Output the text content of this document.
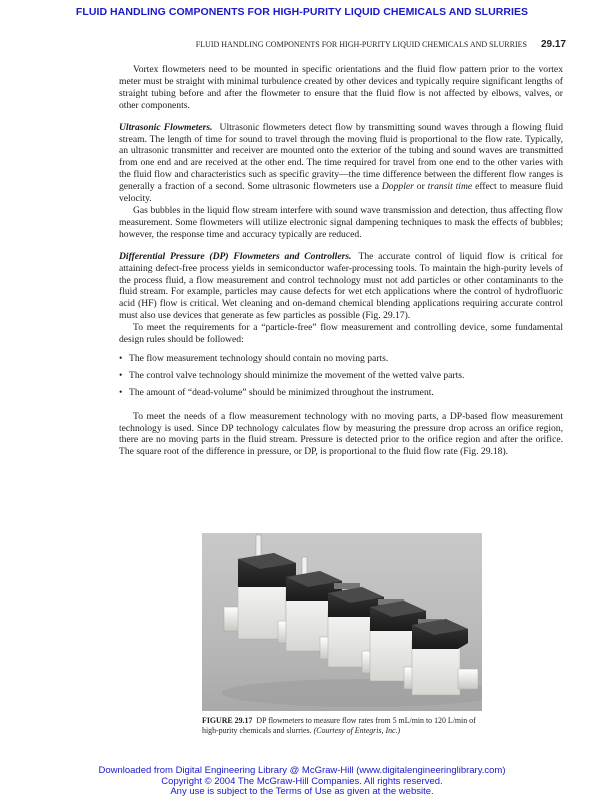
FLUID HANDLING COMPONENTS FOR HIGH-PURITY LIQUID CHEMICALS AND SLURRIES
FLUID HANDLING COMPONENTS FOR HIGH-PURITY LIQUID CHEMICALS AND SLURRIES 29.17

Vortex flowmeters need to be mounted in specific orientations and the fluid flow pattern prior to the vortex meter must be straight with minimal turbulence created by other devices and typically require significant lengths of straight tubing before and after the flowmeter to ensure that the fluid flow is not affected by elbows, valves, or other components.

Ultrasonic Flowmeters. Ultrasonic flowmeters detect flow by transmitting sound waves through a flowing fluid stream. The length of time for sound to travel through the moving fluid is proportional to the flow rate. Typically, an ultrasonic transmitter and receiver are mounted onto the exterior of the tubing and sound waves are transmitted from one end and are received at the other end. The time required for travel from one end to the other varies with the fluid flow and characteristics such as specific gravity—the time difference between the different flow ranges is generally a fraction of a second. Some ultrasonic flowmeters use a Doppler or transit time effect to measure fluid velocity.

Gas bubbles in the liquid flow stream interfere with sound wave transmission and detection, thus affecting flow measurement. Some flowmeters will utilize electronic signal dampening techniques to mask the effects of bubbles; however, the response time and accuracy typically are reduced.

Differential Pressure (DP) Flowmeters and Controllers. The accurate control of liquid flow is critical for attaining defect-free process yields in semiconductor wafer-processing tools. To maintain the high-purity levels of the process fluid, a flow measurement and control technology must not add particles or other contaminants to the fluid stream. For example, particles may cause defects for wet etch applications where the control of hydrofluoric acid (HF) flow is critical. Wet cleaning and on-demand chemical blending applications requiring accurate control must also use devices that generate as few particles as possible (Fig. 29.17).

To meet the requirements for a “particle-free” flow measurement and controlling device, some fundamental design rules should be followed:

• The flow measurement technology should contain no moving parts.
• The control valve technology should minimize the movement of the wetted valve parts.
• The amount of “dead-volume” should be minimized throughout the instrument.

To meet the needs of a flow measurement technology with no moving parts, a DP-based flow measurement technology is used. Since DP technology calculates flow by measuring the pressure drop across an orifice region, there are no moving parts in the fluid stream. Pressure is detected prior to the orifice region and after the orifice. The square root of the difference in pressure, or DP, is proportional to the fluid flow rate (Fig. 29.18).

FIGURE 29.17 DP flowmeters to measure flow rates from 5 mL/min to 120 L/min of high-purity chemicals and slurries. (Courtesy of Entegris, Inc.)
Downloaded from Digital Engineering Library @ McGraw-Hill (www.digitalengineeringlibrary.com)
Copyright © 2004 The McGraw-Hill Companies. All rights reserved.
Any use is subject to the Terms of Use as given at the website.
